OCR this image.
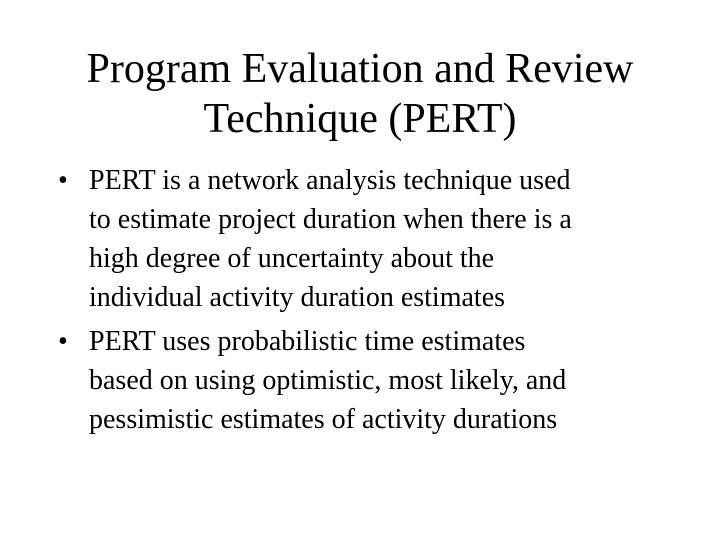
Program Evaluation and Review
Technique (PERT)
• PERT is a network analysis technique used
to estimate project duration when there is a
high degree of uncertainty about the
individual activity duration estimates
• PERT uses probabilistic time estimates
based on using optimistic, most likely, and
pessimistic estimates of activity durations
